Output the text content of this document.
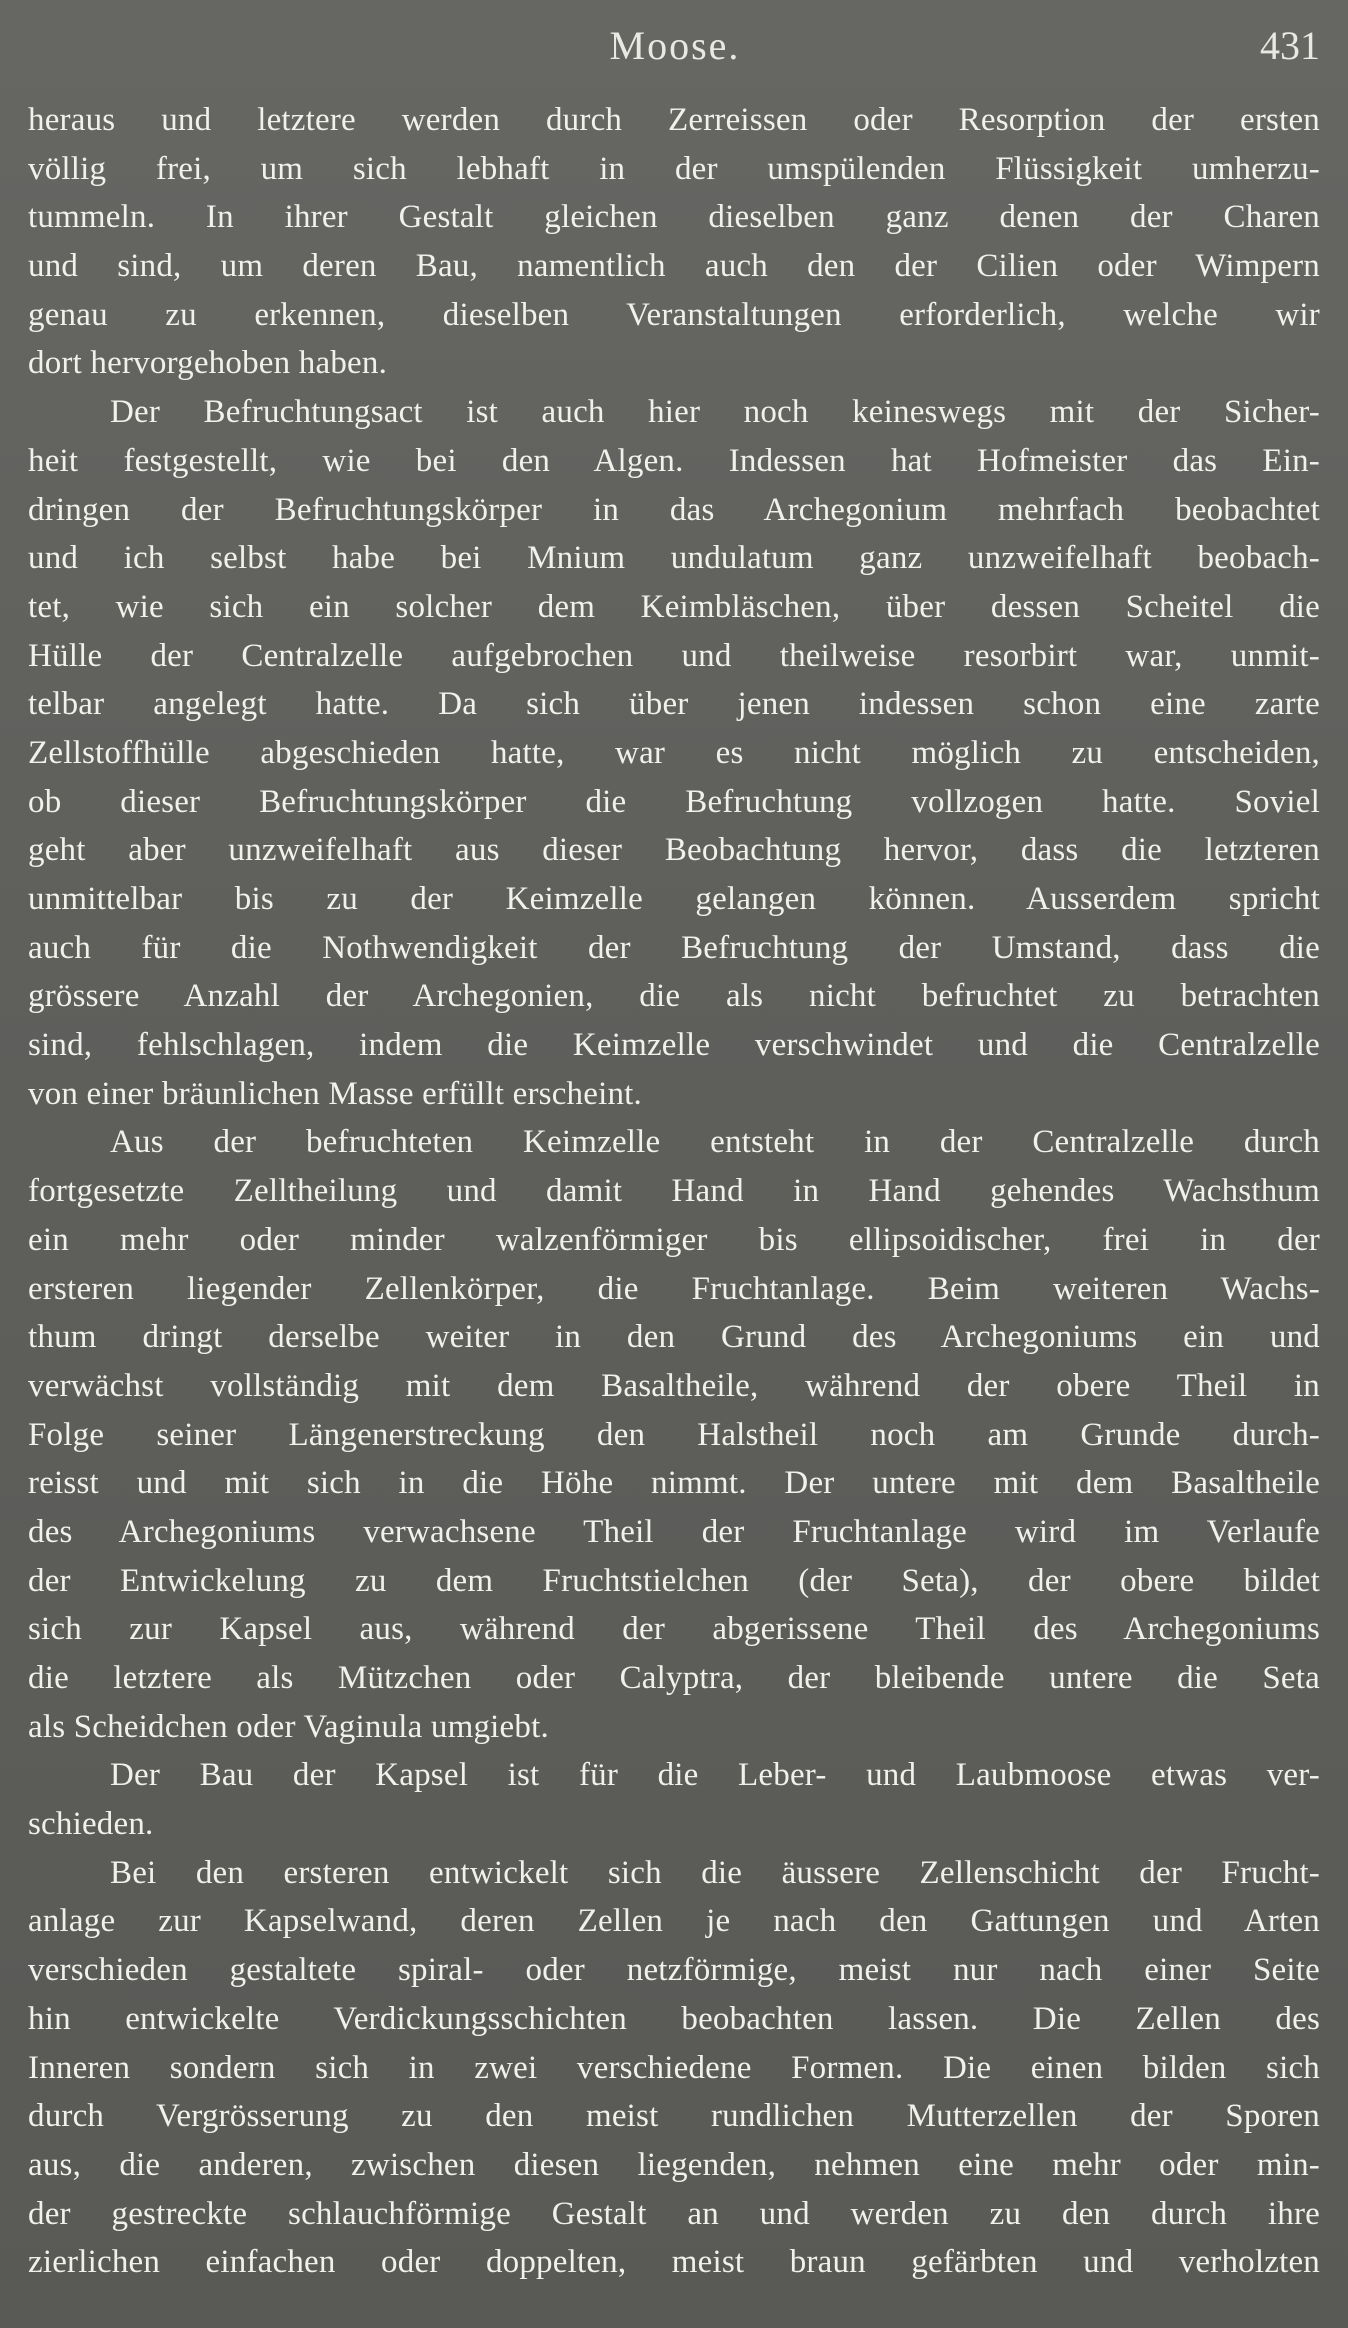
Moose.	431
heraus und letztere werden durch Zerreissen oder Resorption der ersten
völlig frei, um sich lebhaft in der umspülenden Flüssigkeit umherzu-
tummeln. In ihrer Gestalt gleichen dieselben ganz denen der Charen
und sind, um deren Bau, namentlich auch den der Cilien oder Wimpern
genau zu erkennen, dieselben Veranstaltungen erforderlich, welche wir
dort hervorgehoben haben.
Der Befruchtungsact ist auch hier noch keineswegs mit der Sicher-
heit festgestellt, wie bei den Algen. Indessen hat Hofmeister das Ein-
dringen der Befruchtungskörper in das Archegonium mehrfach beobachtet
und ich selbst habe bei Mnium undulatum ganz unzweifelhaft beobach-
tet, wie sich ein solcher dem Keimbläschen, über dessen Scheitel die
Hülle der Centralzelle aufgebrochen und theilweise resorbirt war, unmit-
telbar angelegt hatte. Da sich über jenen indessen schon eine zarte
Zellstoffhülle abgeschieden hatte, war es nicht möglich zu entscheiden,
ob dieser Befruchtungskörper die Befruchtung vollzogen hatte. Soviel
geht aber unzweifelhaft aus dieser Beobachtung hervor, dass die letzteren
unmittelbar bis zu der Keimzelle gelangen können. Ausserdem spricht
auch für die Nothwendigkeit der Befruchtung der Umstand, dass die
grössere Anzahl der Archegonien, die als nicht befruchtet zu betrachten
sind, fehlschlagen, indem die Keimzelle verschwindet und die Centralzelle
von einer bräunlichen Masse erfüllt erscheint.
Aus der befruchteten Keimzelle entsteht in der Centralzelle durch
fortgesetzte Zelltheilung und damit Hand in Hand gehendes Wachsthum
ein mehr oder minder walzenförmiger bis ellipsoidischer, frei in der
ersteren liegender Zellenkörper, die Fruchtanlage. Beim weiteren Wachs-
thum dringt derselbe weiter in den Grund des Archegoniums ein und
verwächst vollständig mit dem Basaltheile, während der obere Theil in
Folge seiner Längenerstreckung den Halstheil noch am Grunde durch-
reisst und mit sich in die Höhe nimmt. Der untere mit dem Basaltheile
des Archegoniums verwachsene Theil der Fruchtanlage wird im Verlaufe
der Entwickelung zu dem Fruchtstielchen (der Seta), der obere bildet
sich zur Kapsel aus, während der abgerissene Theil des Archegoniums
die letztere als Mützchen oder Calyptra, der bleibende untere die Seta
als Scheidchen oder Vaginula umgiebt.
Der Bau der Kapsel ist für die Leber- und Laubmoose etwas ver-
schieden.
Bei den ersteren entwickelt sich die äussere Zellenschicht der Frucht-
anlage zur Kapselwand, deren Zellen je nach den Gattungen und Arten
verschieden gestaltete spiral- oder netzförmige, meist nur nach einer Seite
hin entwickelte Verdickungsschichten beobachten lassen. Die Zellen des
Inneren sondern sich in zwei verschiedene Formen. Die einen bilden sich
durch Vergrösserung zu den meist rundlichen Mutterzellen der Sporen
aus, die anderen, zwischen diesen liegenden, nehmen eine mehr oder min-
der gestreckte schlauchförmige Gestalt an und werden zu den durch ihre
zierlichen einfachen oder doppelten, meist braun gefärbten und verholzten
